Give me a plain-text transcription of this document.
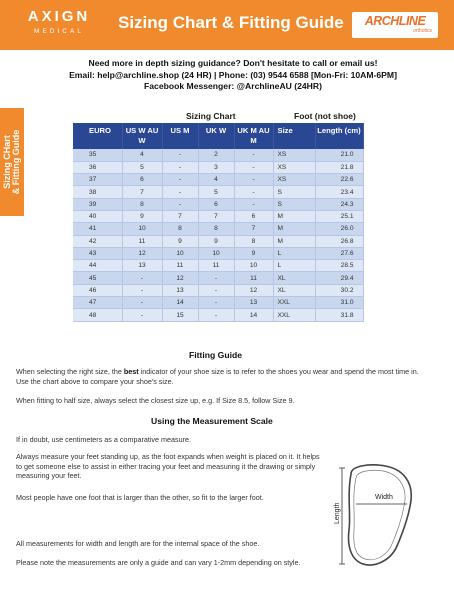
AXIGN
MEDICAL	Sizing Chart & Fitting Guide	ARCHLINE
orthotics
Sizing CHart & Fitting Guide
Need more in depth sizing guidance? Don't hesitate to call or email us!
Email: help@archline.shop (24 HR) | Phone: (03) 9544 6588 [Mon-Fri: 10AM-6PM]
Facebook Messenger: @ArchlineAU (24HR)
Sizing Chart	Foot (not shoe)
EURO	US W AU W	US M	UK W	UK M AU M	Size	Length (cm)
35	4	-	2	-	XS	21.0
36	5	-	3	-	XS	21.8
37	6	-	4	-	XS	22.6
38	7	-	5	-	S	23.4
39	8	-	6	-	S	24.3
40	9	7	7	6	M	25.1
41	10	8	8	7	M	26.0
42	11	9	9	8	M	26.8
43	12	10	10	9	L	27.6
44	13	11	11	10	L	28.5
45	-	12	-	11	XL	29.4
46	-	13	-	12	XL	30.2
47	-	14	-	13	XXL	31.0
48	-	15	-	14	XXL	31.8
Fitting Guide
When selecting the right size, the best indicator of your shoe size is to refer to the shoes you wear and spend the most time in. Use the chart above to compare your shoe's size.
When fitting to half size, always select the closest size up, e.g. If Size 8.5, follow Size 9.
Using the Measurement Scale
If in doubt, use centimeters as a comparative measure.
Always measure your feet standing up, as the foot expands when weight is placed on it. It helps to get someone else to assist in either tracing your feet and measuring it the drawing or simply measuring your feet.
Most people have one foot that is larger than the other, so fit to the larger foot.
All measurements for width and length are for the internal space of the shoe.
Please note the measurements are only a guide and can vary 1-2mm depending on style.
Width
Length
